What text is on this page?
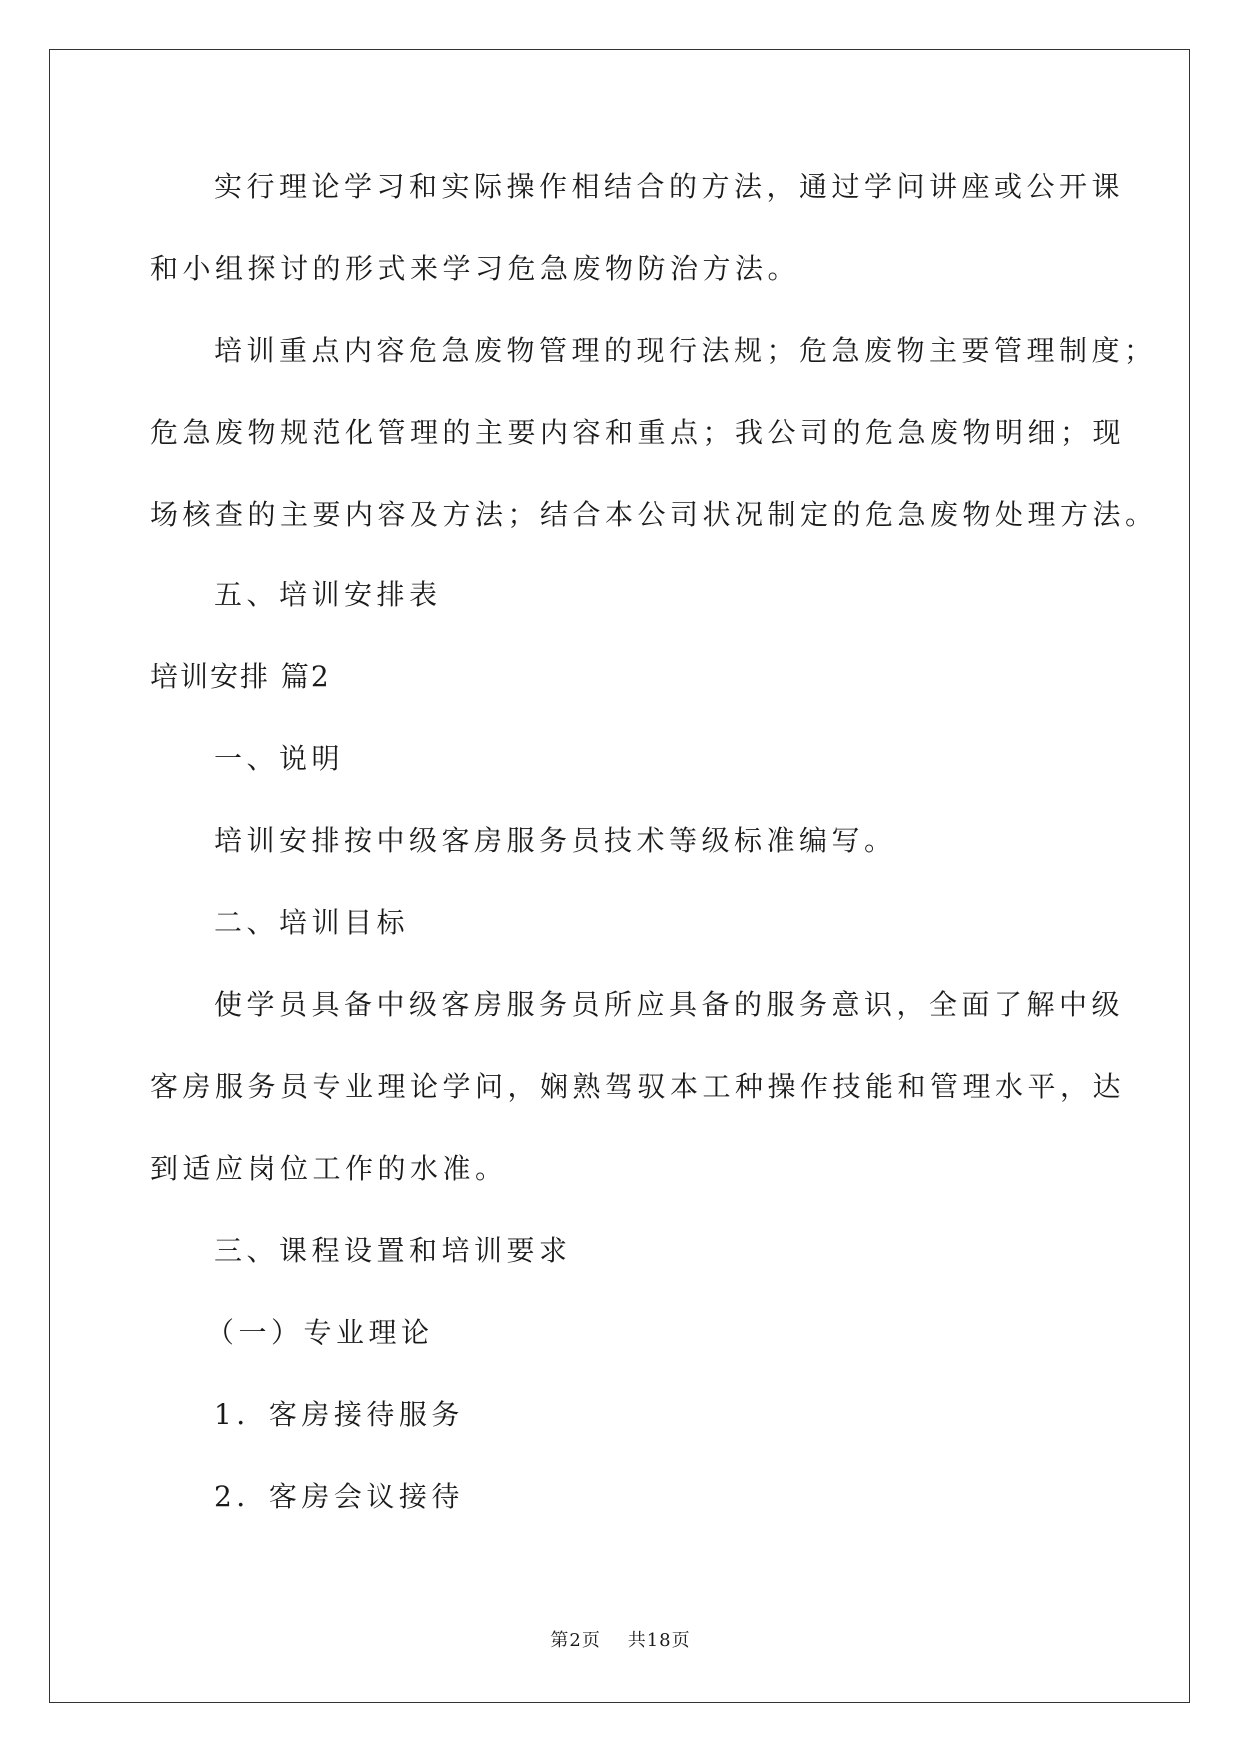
实行理论学习和实际操作相结合的方法，通过学问讲座或公开课
和小组探讨的形式来学习危急废物防治方法。
培训重点内容危急废物管理的现行法规；危急废物主要管理制度；
危急废物规范化管理的主要内容和重点；我公司的危急废物明细；现
场核查的主要内容及方法；结合本公司状况制定的危急废物处理方法。
五、培训安排表
培训安排 篇2
一、说明
培训安排按中级客房服务员技术等级标准编写。
二、培训目标
使学员具备中级客房服务员所应具备的服务意识，全面了解中级
客房服务员专业理论学问，娴熟驾驭本工种操作技能和管理水平，达
到适应岗位工作的水准。
三、课程设置和培训要求
（一）专业理论
1．客房接待服务
2．客房会议接待
第2页    共18页
